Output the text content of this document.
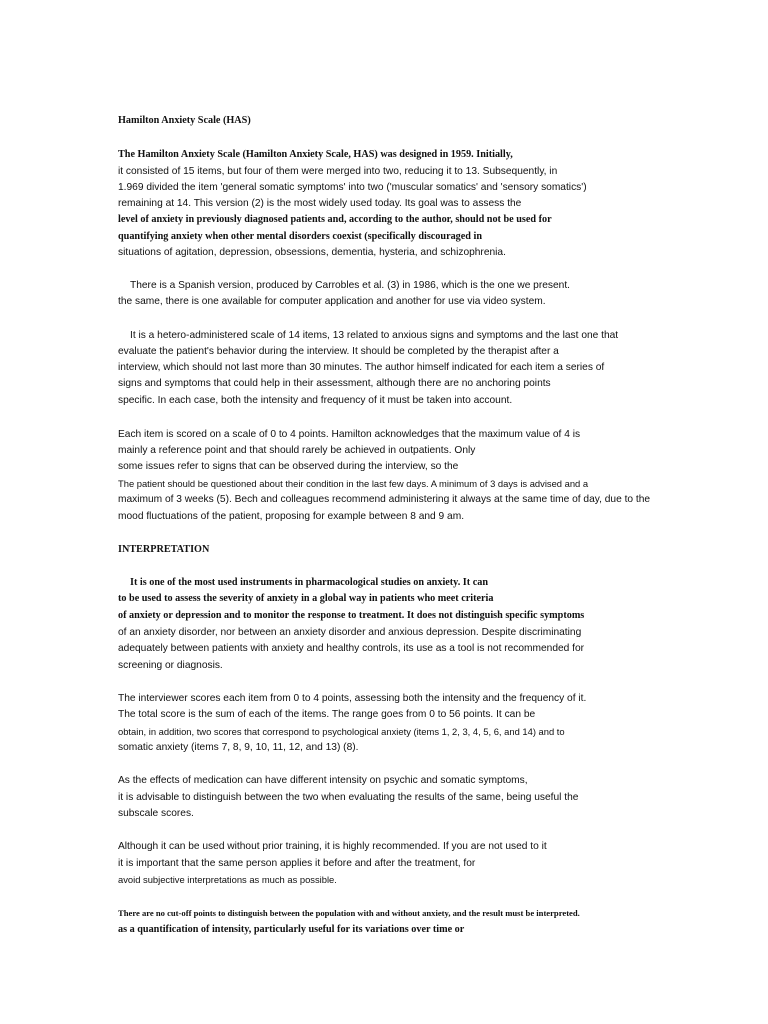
Hamilton Anxiety Scale (HAS)
The Hamilton Anxiety Scale (Hamilton Anxiety Scale, HAS) was designed in 1959. Initially,
it consisted of 15 items, but four of them were merged into two, reducing it to 13. Subsequently, in
1.969 divided the item 'general somatic symptoms' into two ('muscular somatics' and 'sensory somatics')
remaining at 14. This version (2) is the most widely used today. Its goal was to assess the
level of anxiety in previously diagnosed patients and, according to the author, should not be used for
quantifying anxiety when other mental disorders coexist (specifically discouraged in
situations of agitation, depression, obsessions, dementia, hysteria, and schizophrenia.
There is a Spanish version, produced by Carrobles et al. (3) in 1986, which is the one we present.
the same, there is one available for computer application and another for use via video system.
It is a hetero-administered scale of 14 items, 13 related to anxious signs and symptoms and the last one that
evaluate the patient's behavior during the interview. It should be completed by the therapist after a
interview, which should not last more than 30 minutes. The author himself indicated for each item a series of
signs and symptoms that could help in their assessment, although there are no anchoring points
specific. In each case, both the intensity and frequency of it must be taken into account.
Each item is scored on a scale of 0 to 4 points. Hamilton acknowledges that the maximum value of 4 is
mainly a reference point and that should rarely be achieved in outpatients. Only
some issues refer to signs that can be observed during the interview, so the
The patient should be questioned about their condition in the last few days. A minimum of 3 days is advised and a
maximum of 3 weeks (5). Bech and colleagues recommend administering it always at the same time of day, due to the
mood fluctuations of the patient, proposing for example between 8 and 9 am.
INTERPRETATION
It is one of the most used instruments in pharmacological studies on anxiety. It can
to be used to assess the severity of anxiety in a global way in patients who meet criteria
of anxiety or depression and to monitor the response to treatment. It does not distinguish specific symptoms
of an anxiety disorder, nor between an anxiety disorder and anxious depression. Despite discriminating
adequately between patients with anxiety and healthy controls, its use as a tool is not recommended for
screening or diagnosis.
The interviewer scores each item from 0 to 4 points, assessing both the intensity and the frequency of it.
The total score is the sum of each of the items. The range goes from 0 to 56 points. It can be
obtain, in addition, two scores that correspond to psychological anxiety (items 1, 2, 3, 4, 5, 6, and 14) and to
somatic anxiety (items 7, 8, 9, 10, 11, 12, and 13) (8).
As the effects of medication can have different intensity on psychic and somatic symptoms,
it is advisable to distinguish between the two when evaluating the results of the same, being useful the
subscale scores.
Although it can be used without prior training, it is highly recommended. If you are not used to it
it is important that the same person applies it before and after the treatment, for
avoid subjective interpretations as much as possible.
There are no cut-off points to distinguish between the population with and without anxiety, and the result must be interpreted.
as a quantification of intensity, particularly useful for its variations over time or
